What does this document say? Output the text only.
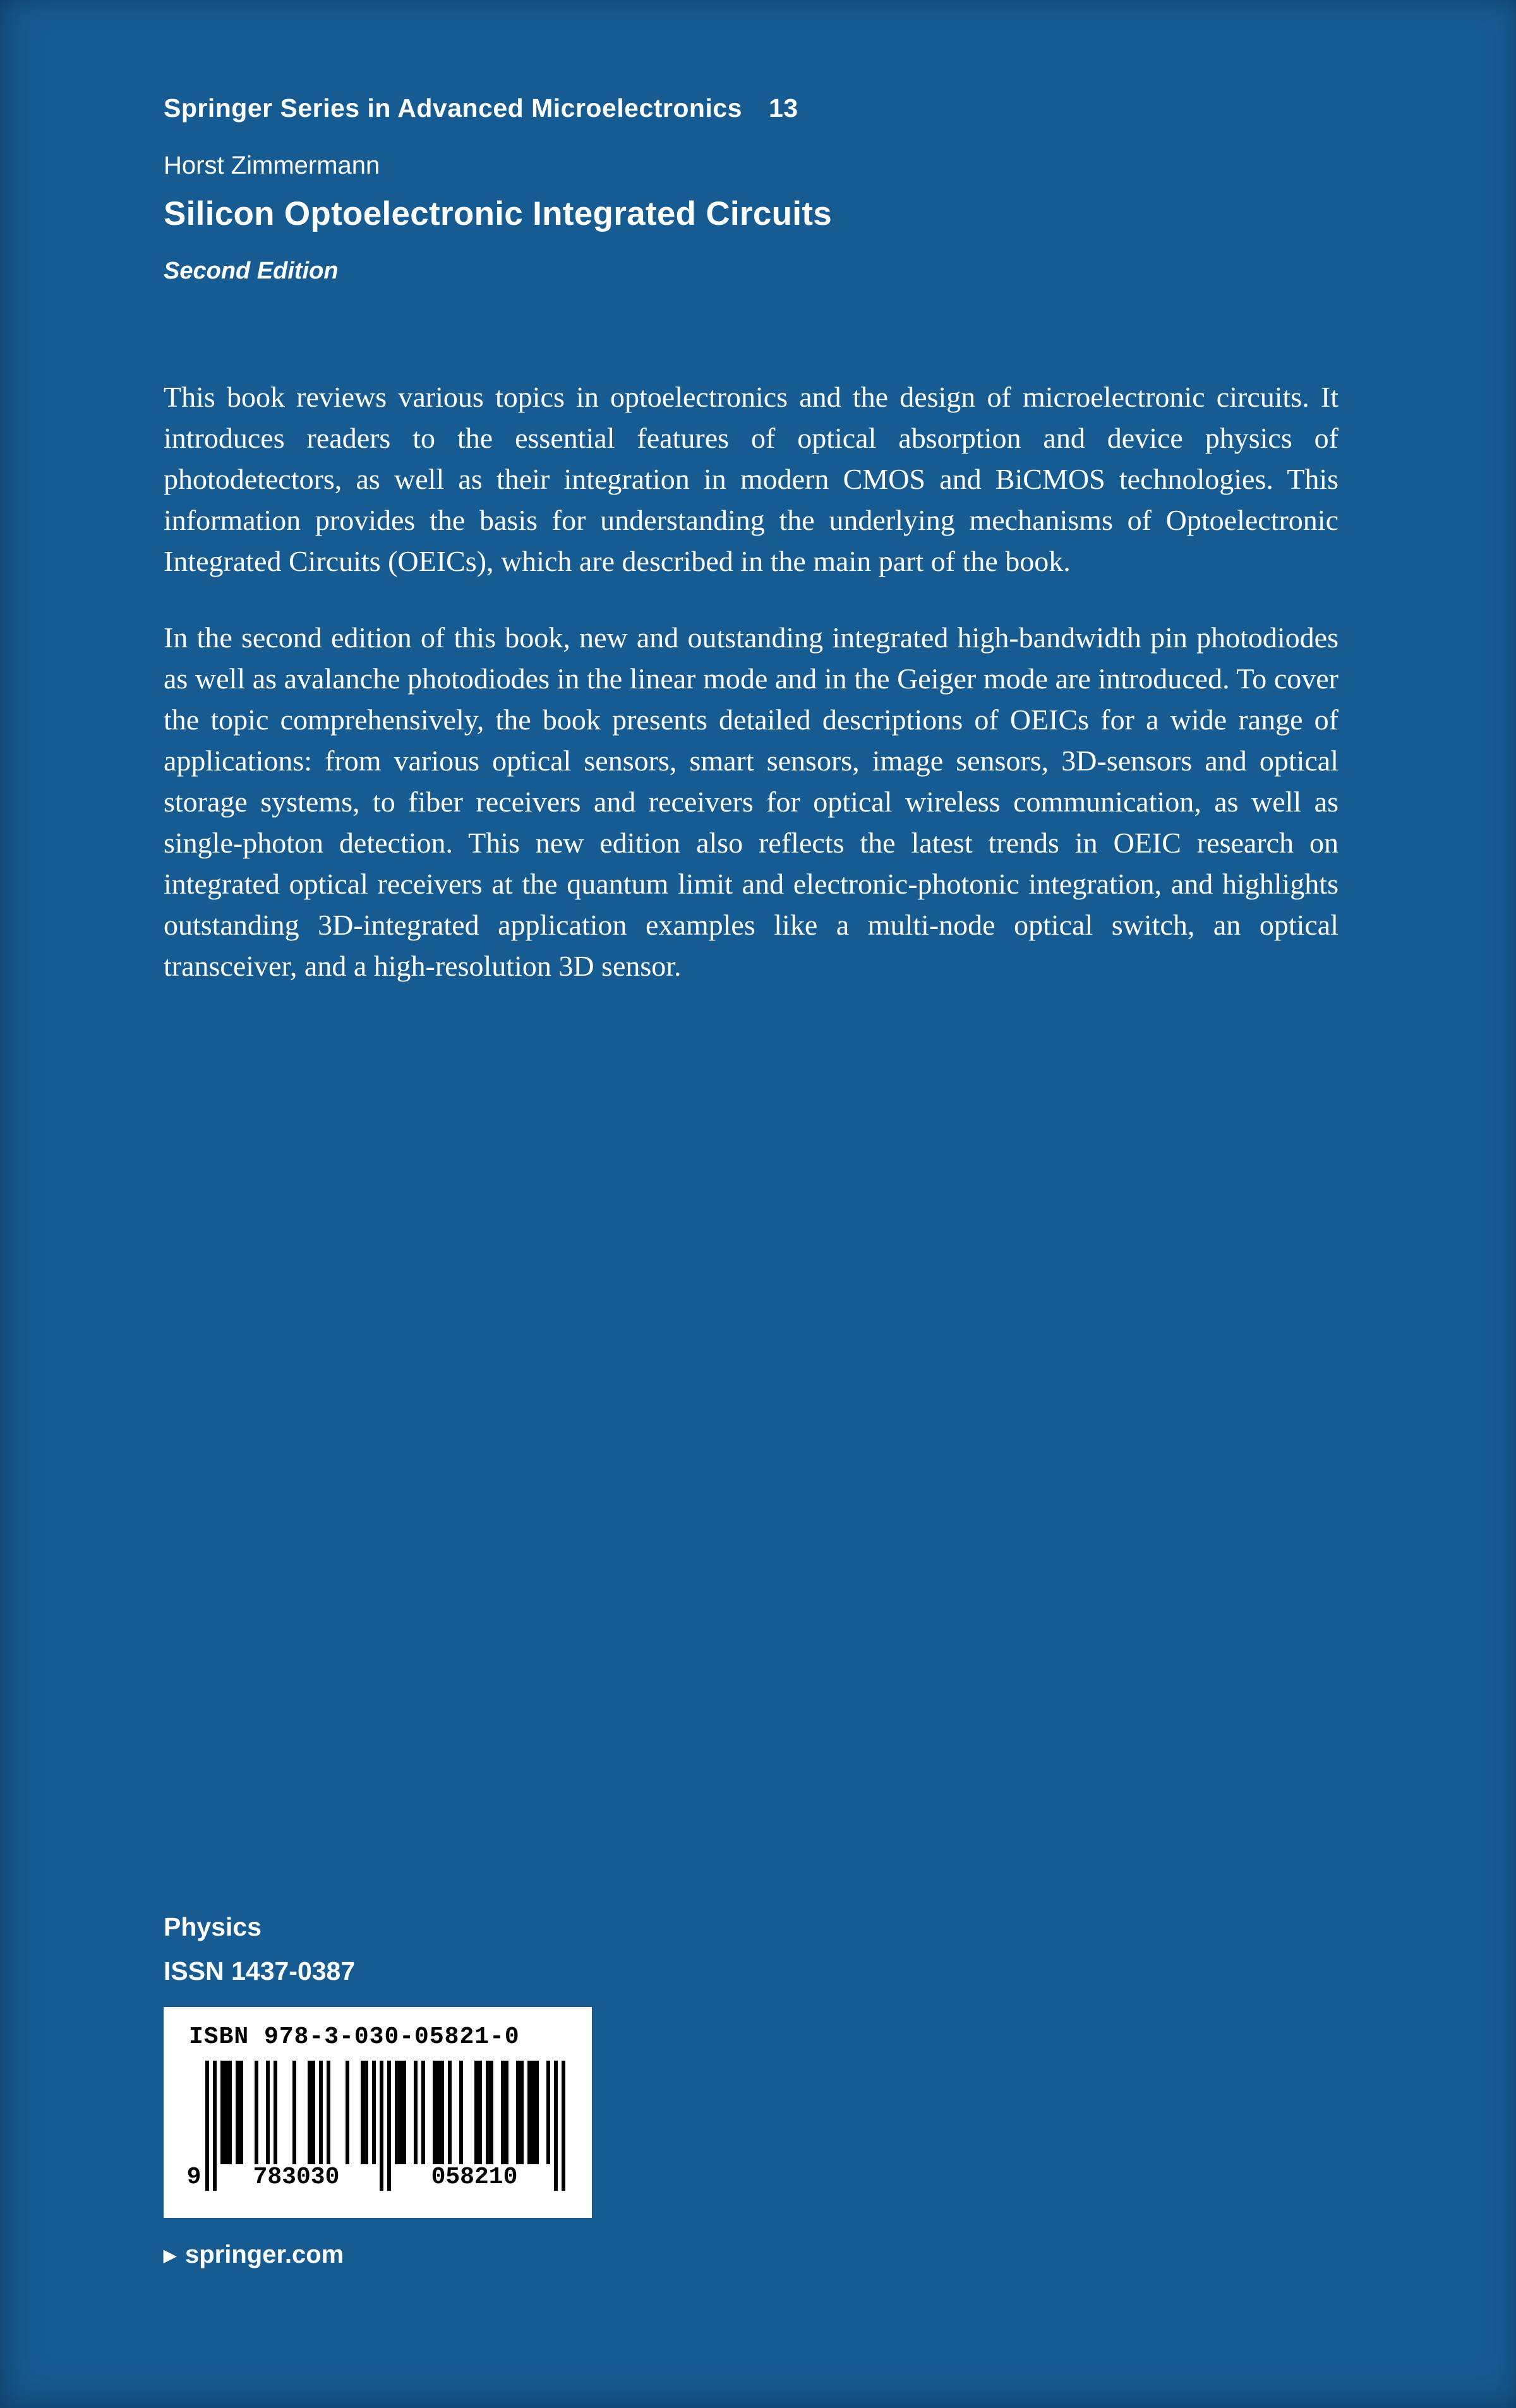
Springer Series in Advanced Microelectronics 13
Horst Zimmermann
Silicon Optoelectronic Integrated Circuits
Second Edition

This book reviews various topics in optoelectronics and the design of microelectronic circuits. It introduces readers to the essential features of optical absorption and device physics of photodetectors, as well as their integration in modern CMOS and BiCMOS technologies. This information provides the basis for understanding the underlying mechanisms of Optoelectronic Integrated Circuits (OEICs), which are described in the main part of the book.

In the second edition of this book, new and outstanding integrated high-bandwidth pin photodiodes as well as avalanche photodiodes in the linear mode and in the Geiger mode are introduced. To cover the topic comprehensively, the book presents detailed descriptions of OEICs for a wide range of applications: from various optical sensors, smart sensors, image sensors, 3D-sensors and optical storage systems, to fiber receivers and receivers for optical wireless communication, as well as single-photon detection. This new edition also reflects the latest trends in OEIC research on integrated optical receivers at the quantum limit and electronic-photonic integration, and highlights outstanding 3D-integrated application examples like a multi-node optical switch, an optical transceiver, and a high-resolution 3D sensor.

Physics
ISSN 1437-0387
ISBN 978-3-030-05821-0
9	783030	058210
▶ springer.com
